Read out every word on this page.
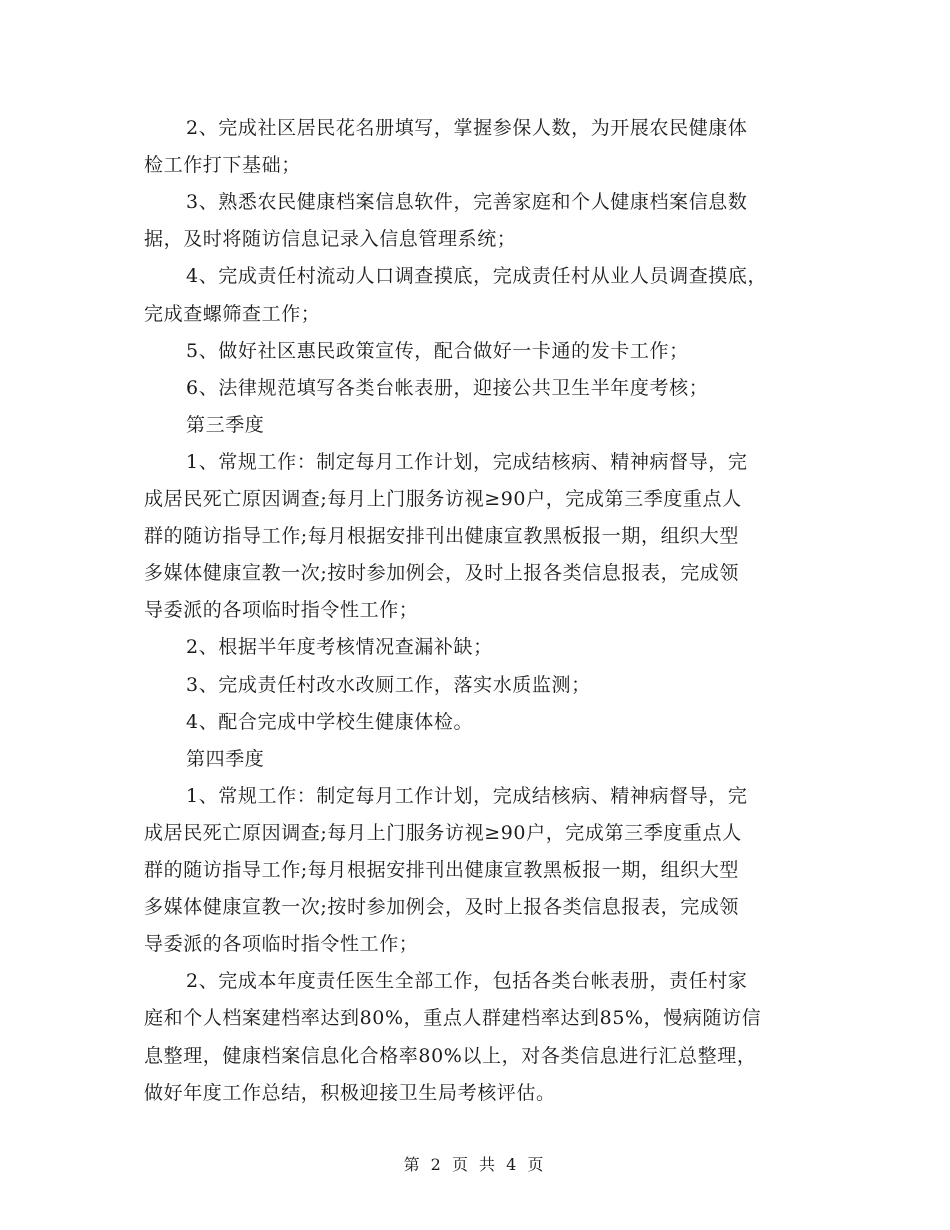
2、完成社区居民花名册填写，掌握参保人数，为开展农民健康体
检工作打下基础；
3、熟悉农民健康档案信息软件，完善家庭和个人健康档案信息数
据，及时将随访信息记录入信息管理系统；
4、完成责任村流动人口调查摸底，完成责任村从业人员调查摸底，
完成查螺筛查工作；
5、做好社区惠民政策宣传，配合做好一卡通的发卡工作；
6、法律规范填写各类台帐表册，迎接公共卫生半年度考核；
第三季度
1、常规工作：制定每月工作计划，完成结核病、精神病督导，完
成居民死亡原因调查;每月上门服务访视≥90户，完成第三季度重点人
群的随访指导工作;每月根据安排刊出健康宣教黑板报一期，组织大型
多媒体健康宣教一次;按时参加例会，及时上报各类信息报表，完成领
导委派的各项临时指令性工作；
2、根据半年度考核情况查漏补缺；
3、完成责任村改水改厕工作，落实水质监测；
4、配合完成中学校生健康体检。
第四季度
1、常规工作：制定每月工作计划，完成结核病、精神病督导，完
成居民死亡原因调查;每月上门服务访视≥90户，完成第三季度重点人
群的随访指导工作;每月根据安排刊出健康宣教黑板报一期，组织大型
多媒体健康宣教一次;按时参加例会，及时上报各类信息报表，完成领
导委派的各项临时指令性工作；
2、完成本年度责任医生全部工作，包括各类台帐表册，责任村家
庭和个人档案建档率达到80%，重点人群建档率达到85%，慢病随访信
息整理，健康档案信息化合格率80%以上，对各类信息进行汇总整理，
做好年度工作总结，积极迎接卫生局考核评估。
第 2 页 共 4 页
